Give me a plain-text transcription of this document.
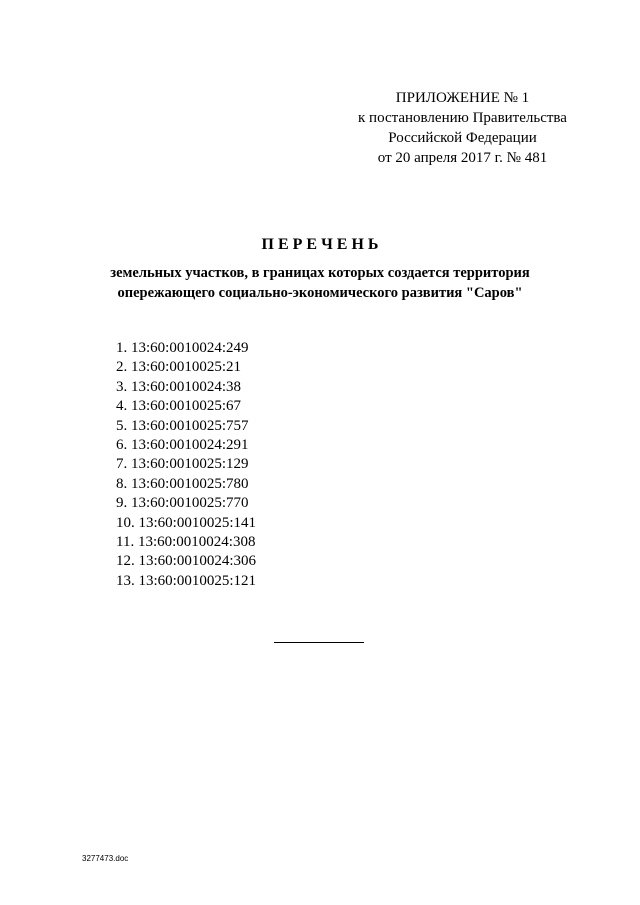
ПРИЛОЖЕНИЕ № 1
к постановлению Правительства
Российской Федерации
от 20 апреля 2017 г. № 481
ПЕРЕЧЕНЬ
земельных участков, в границах которых создается территория
опережающего социально-экономического развития "Саров"
1. 13:60:0010024:249
2. 13:60:0010025:21
3. 13:60:0010024:38
4. 13:60:0010025:67
5. 13:60:0010025:757
6. 13:60:0010024:291
7. 13:60:0010025:129
8. 13:60:0010025:780
9. 13:60:0010025:770
10. 13:60:0010025:141
11. 13:60:0010024:308
12. 13:60:0010024:306
13. 13:60:0010025:121
3277473.doc
